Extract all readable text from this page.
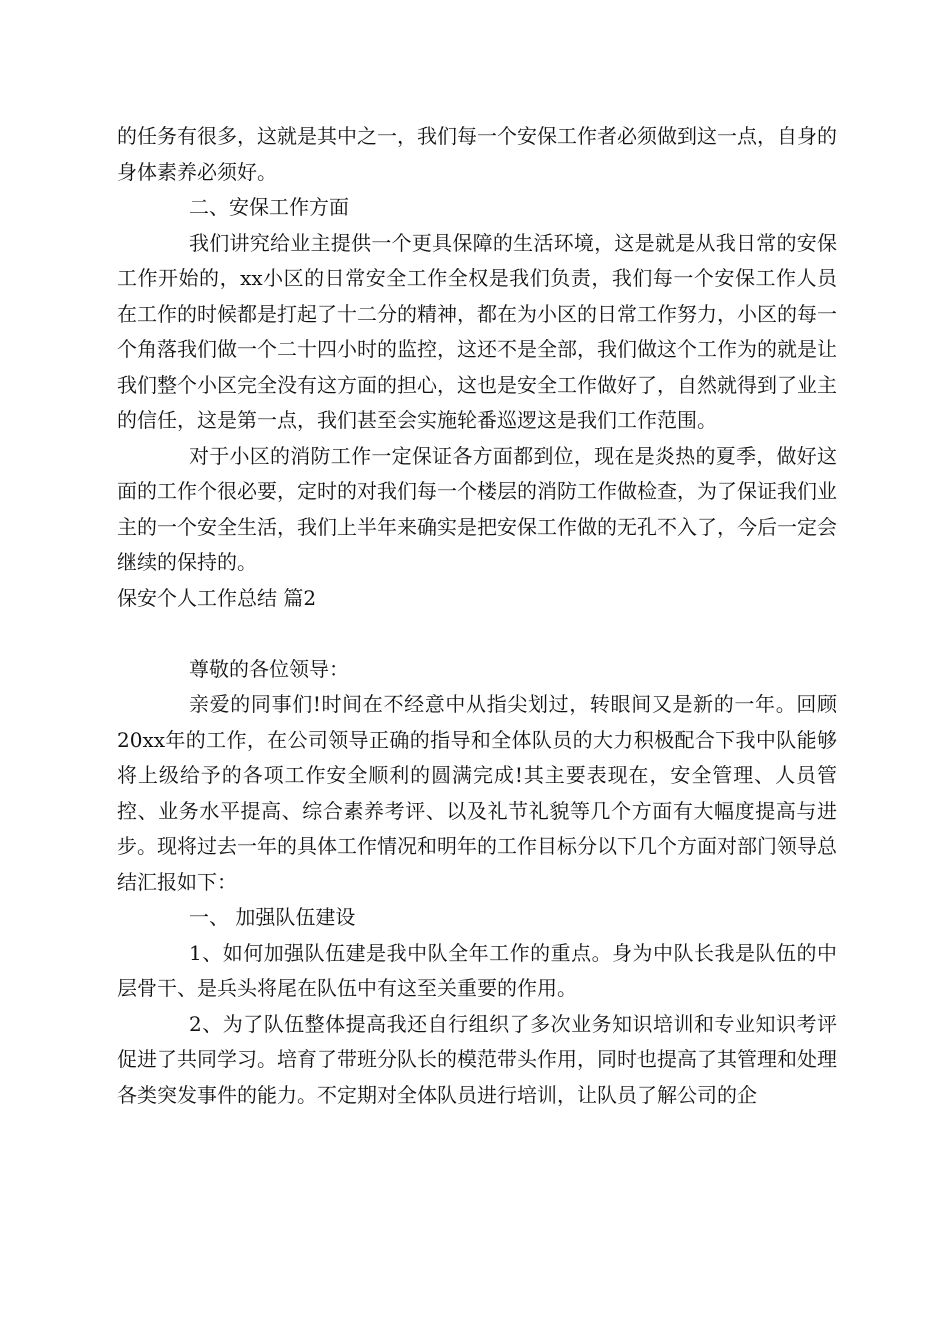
的任务有很多，这就是其中之一，我们每一个安保工作者必须做到这一点，自身的身体素养必须好。

二、安保工作方面

我们讲究给业主提供一个更具保障的生活环境，这是就是从我日常的安保工作开始的，xx小区的日常安全工作全权是我们负责，我们每一个安保工作人员在工作的时候都是打起了十二分的精神，都在为小区的日常工作努力，小区的每一个角落我们做一个二十四小时的监控，这还不是全部，我们做这个工作为的就是让我们整个小区完全没有这方面的担心，这也是安全工作做好了，自然就得到了业主的信任，这是第一点，我们甚至会实施轮番巡逻这是我们工作范围。

对于小区的消防工作一定保证各方面都到位，现在是炎热的夏季，做好这面的工作个很必要，定时的对我们每一个楼层的消防工作做检查，为了保证我们业主的一个安全生活，我们上半年来确实是把安保工作做的无孔不入了，今后一定会继续的保持的。

保安个人工作总结 篇2

尊敬的各位领导：

亲爱的同事们!时间在不经意中从指尖划过，转眼间又是新的一年。回顾20xx年的工作，在公司领导正确的指导和全体队员的大力积极配合下我中队能够将上级给予的各项工作安全顺利的圆满完成!其主要表现在，安全管理、人员管控、业务水平提高、综合素养考评、以及礼节礼貌等几个方面有大幅度提高与进步。现将过去一年的具体工作情况和明年的工作目标分以下几个方面对部门领导总结汇报如下：

一、 加强队伍建设

1、如何加强队伍建是我中队全年工作的重点。身为中队长我是队伍的中层骨干、是兵头将尾在队伍中有这至关重要的作用。

2、为了队伍整体提高我还自行组织了多次业务知识培训和专业知识考评促进了共同学习。培育了带班分队长的模范带头作用，同时也提高了其管理和处理各类突发事件的能力。不定期对全体队员进行培训，让队员了解公司的企
